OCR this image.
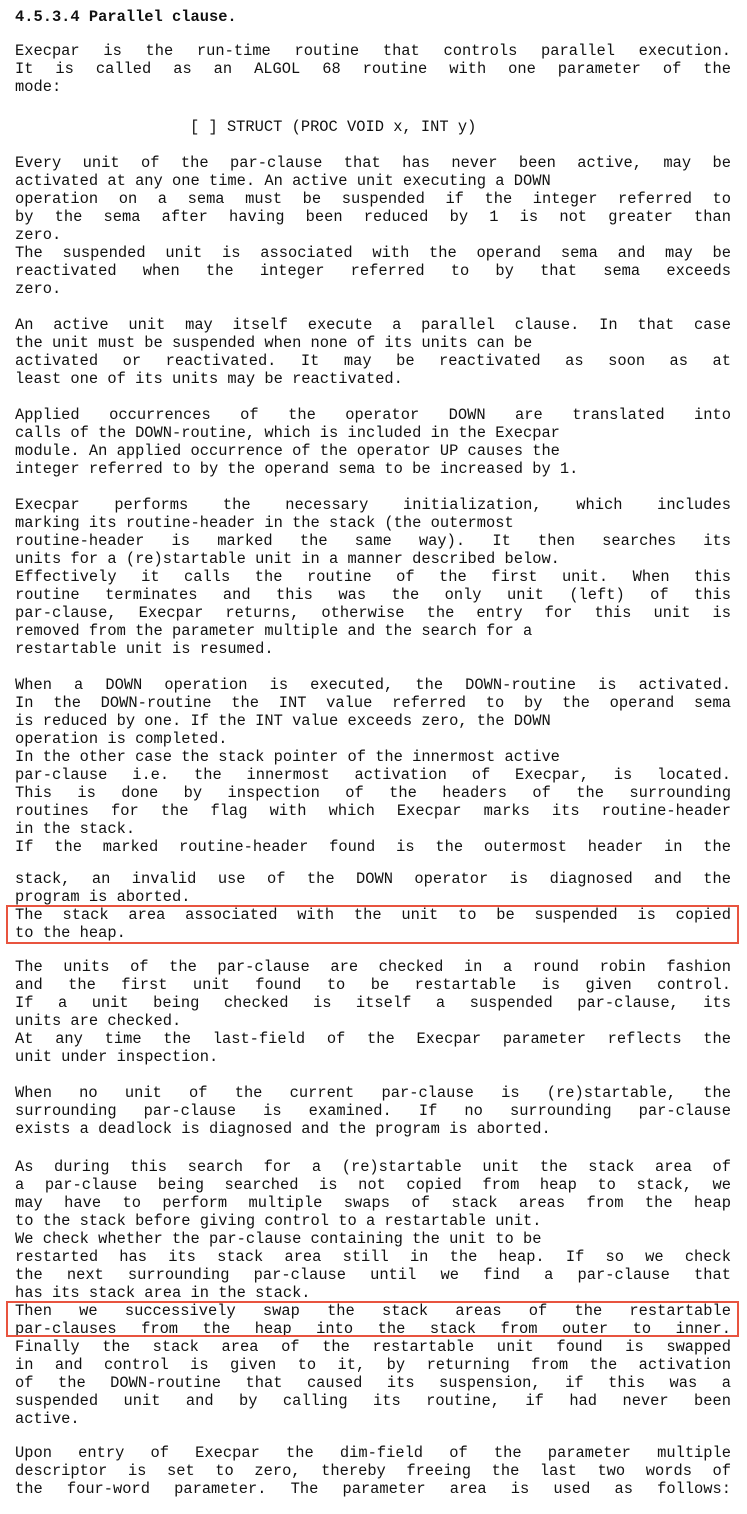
4.5.3.4 Parallel clause.
Execpar is the run-time routine that controls parallel execution.
It is called as an ALGOL 68 routine with one parameter of the
mode:
[ ] STRUCT (PROC VOID x, INT y)
Every unit of the par-clause that has never been active, may be
activated at any one time. An active unit executing a DOWN
operation on a sema must be suspended if the integer referred to
by the sema after having been reduced by 1 is not greater than
zero.
The suspended unit is associated with the operand sema and may be
reactivated when the integer referred to by that sema exceeds
zero.
An active unit may itself execute a parallel clause. In that case
the unit must be suspended when none of its units can be
activated or reactivated. It may be reactivated as soon as at
least one of its units may be reactivated.
Applied occurrences of the operator DOWN are translated into
calls of the DOWN-routine, which is included in the Execpar
module. An applied occurrence of the operator UP causes the
integer referred to by the operand sema to be increased by 1.
Execpar performs the necessary initialization, which includes
marking its routine-header in the stack (the outermost
routine-header is marked the same way). It then searches its
units for a (re)startable unit in a manner described below.
Effectively it calls the routine of the first unit. When this
routine terminates and this was the only unit (left) of this
par-clause, Execpar returns, otherwise the entry for this unit is
removed from the parameter multiple and the search for a
restartable unit is resumed.
When a DOWN operation is executed, the DOWN-routine is activated.
In the DOWN-routine the INT value referred to by the operand sema
is reduced by one. If the INT value exceeds zero, the DOWN
operation is completed.
In the other case the stack pointer of the innermost active
par-clause i.e. the innermost activation of Execpar, is located.
This is done by inspection of the headers of the surrounding
routines for the flag with which Execpar marks its routine-header
in the stack.
If the marked routine-header found is the outermost header in the
stack, an invalid use of the DOWN operator is diagnosed and the
program is aborted.
The stack area associated with the unit to be suspended is copied
to the heap.
The units of the par-clause are checked in a round robin fashion
and the first unit found to be restartable is given control.
If a unit being checked is itself a suspended par-clause, its
units are checked.
At any time the last-field of the Execpar parameter reflects the
unit under inspection.
When no unit of the current par-clause is (re)startable, the
surrounding par-clause is examined. If no surrounding par-clause
exists a deadlock is diagnosed and the program is aborted.
As during this search for a (re)startable unit the stack area of
a par-clause being searched is not copied from heap to stack, we
may have to perform multiple swaps of stack areas from the heap
to the stack before giving control to a restartable unit.
We check whether the par-clause containing the unit to be
restarted has its stack area still in the heap. If so we check
the next surrounding par-clause until we find a par-clause that
has its stack area in the stack.
Then we successively swap the stack areas of the restartable
par-clauses from the heap into the stack from outer to inner.
Finally the stack area of the restartable unit found is swapped
in and control is given to it, by returning from the activation
of the DOWN-routine that caused its suspension, if this was a
suspended unit and by calling its routine, if had never been
active.
Upon entry of Execpar the dim-field of the parameter multiple
descriptor is set to zero, thereby freeing the last two words of
the four-word parameter. The parameter area is used as follows:
